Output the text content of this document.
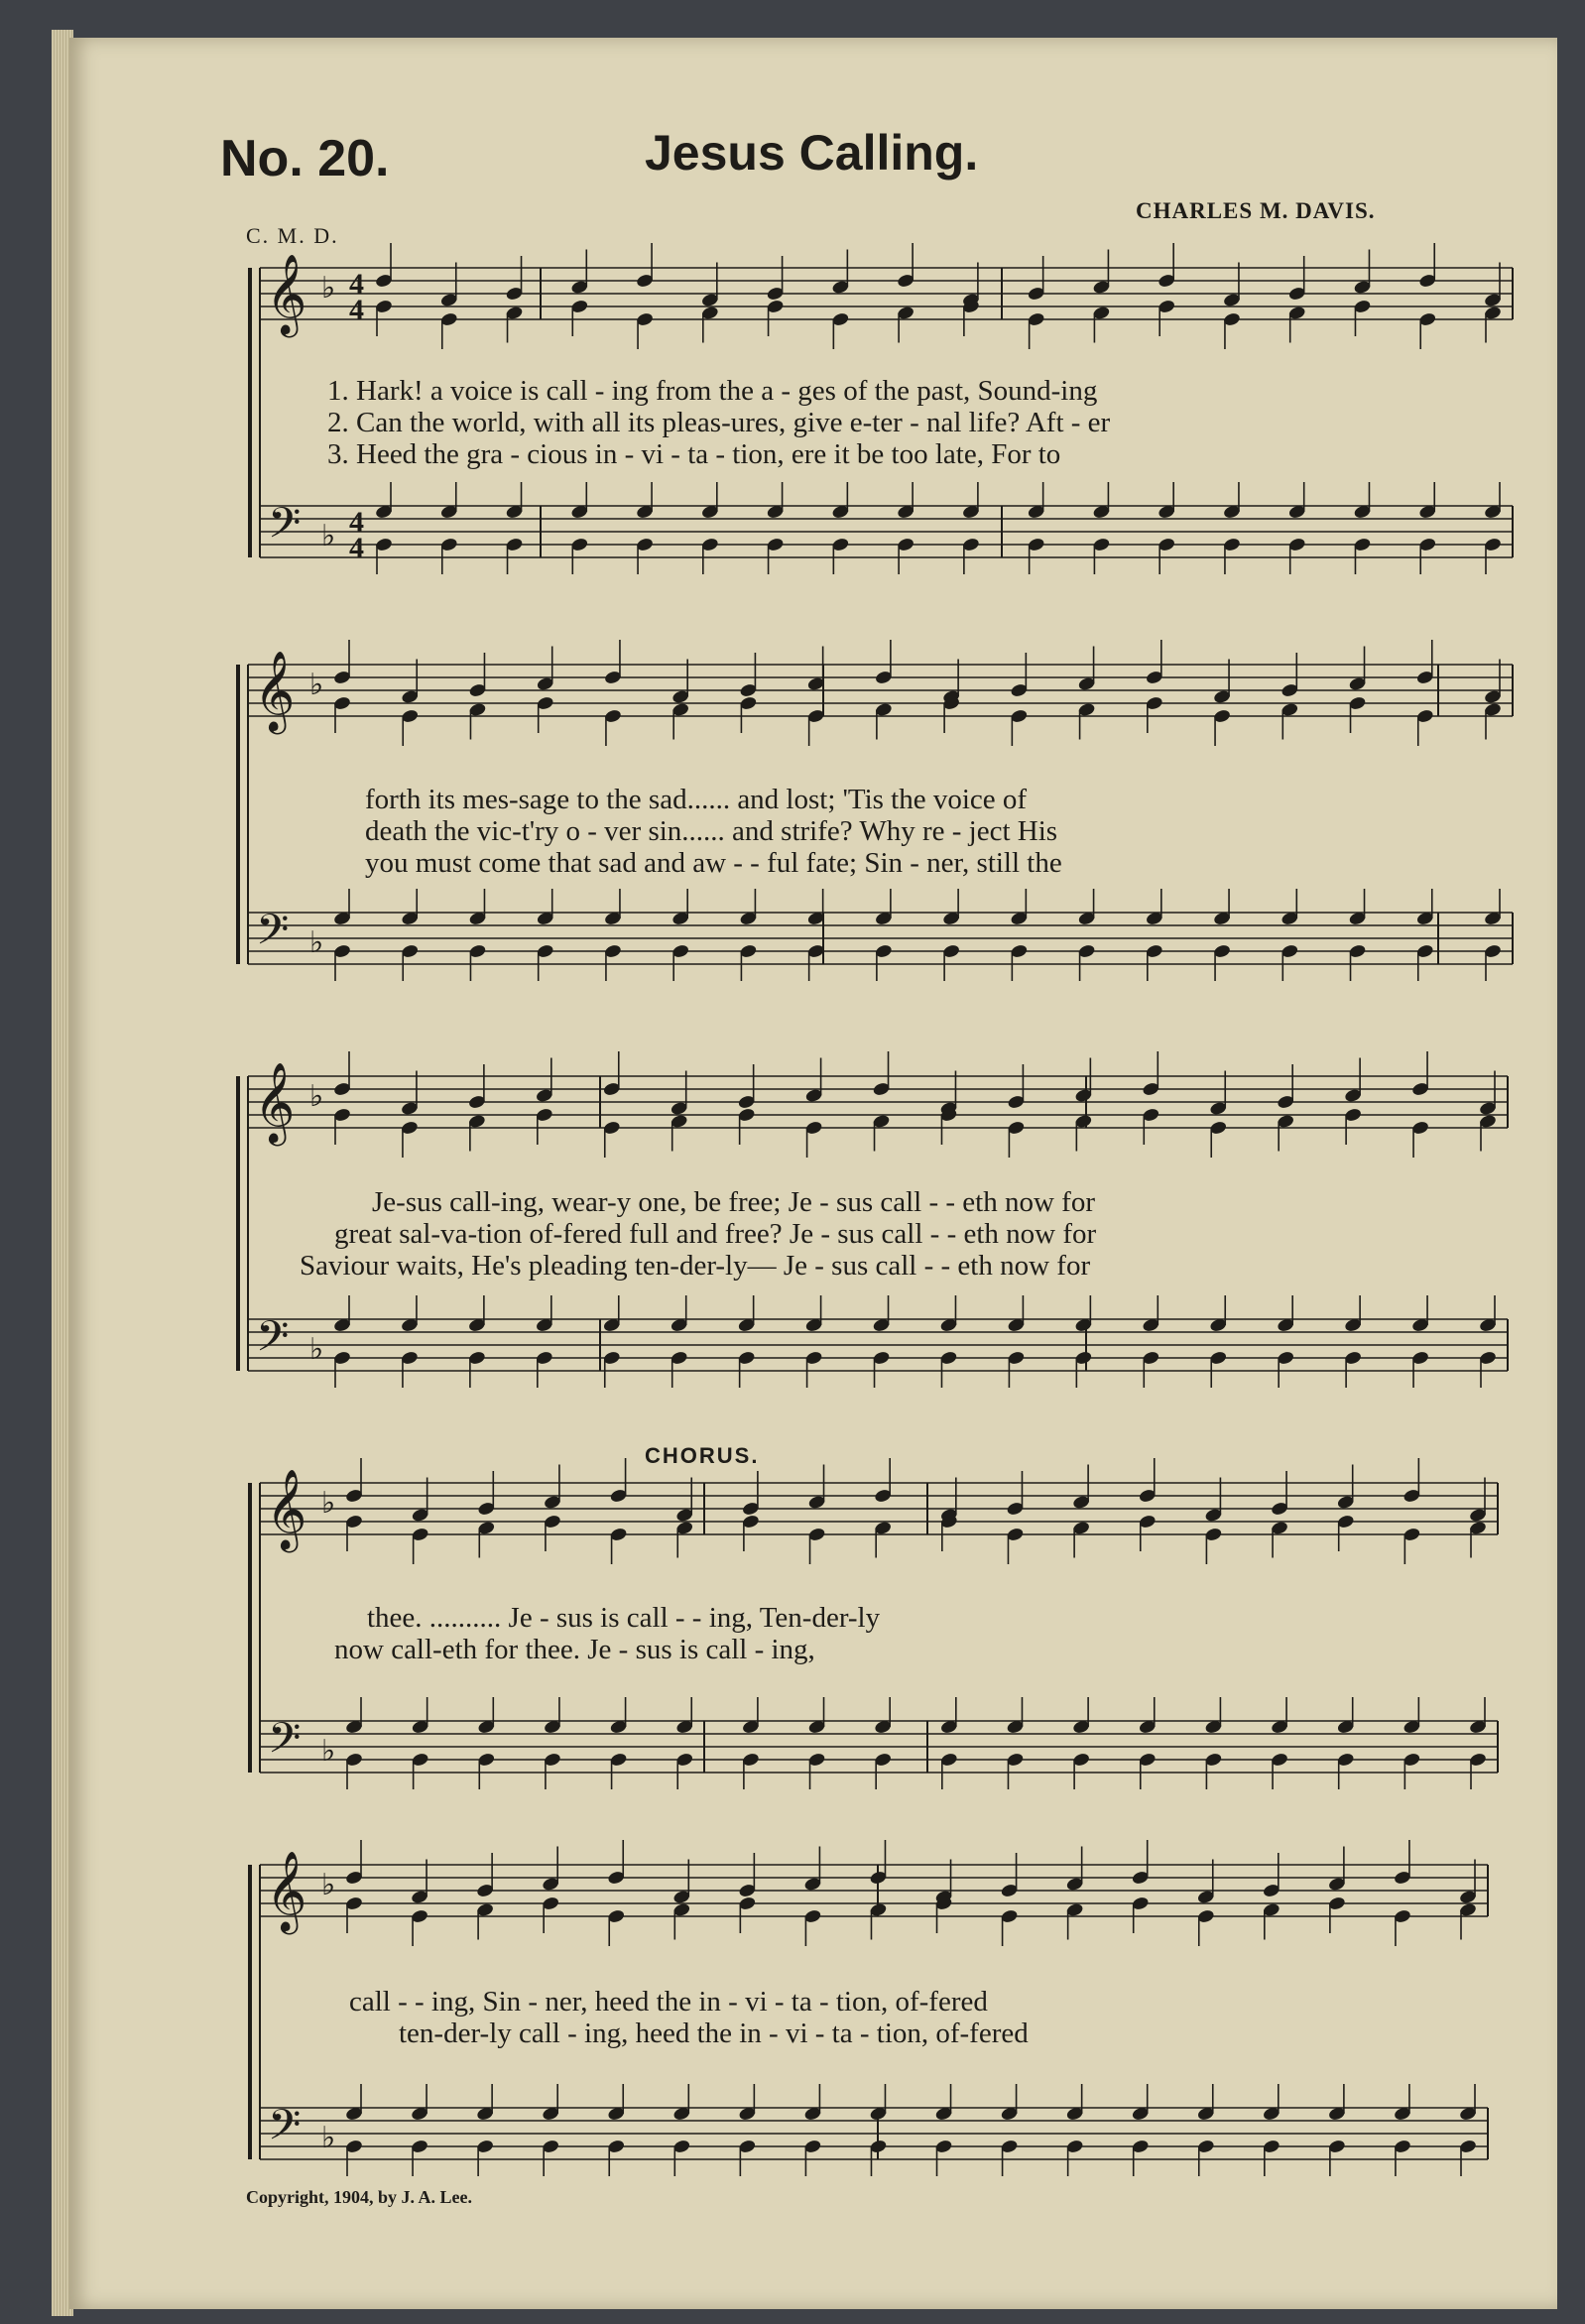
No. 20.	Jesus Calling.
CHARLES M. DAVIS.
C. M. D.
CHORUS.
Copyright, 1904, by J. A. Lee.
𝄞
𝄢
♭
♭
𝄞
𝄢
♭
♭
𝄞
𝄢
♭
♭
𝄞
𝄢
♭
♭
𝄞
𝄢
♭
♭
4
4
4
4
1. Hark! a voice is call - ing from the a - ges of the past, Sound-ing
2. Can the world, with all its pleas-ures, give e-ter - nal life? Aft - er
3. Heed the gra - cious in - vi - ta - tion, ere it be too late, For to
forth its mes-sage to the sad...... and lost; 'Tis the voice of
death the vic-t'ry o - ver sin...... and strife? Why re - ject His
you must come that sad and aw - - ful fate; Sin - ner, still the
Je-sus call-ing, wear-y one, be free; Je - sus call - - eth now for
great sal-va-tion of-fered full and free? Je - sus call - - eth now for
Saviour waits, He's pleading ten-der-ly— Je - sus call - - eth now for
thee. .......... Je - sus is call - - ing, Ten-der-ly
now call-eth for thee. Je - sus is call - ing,
call - - ing, Sin - ner, heed the in - vi - ta - tion, of-fered
ten-der-ly call - ing, heed the in - vi - ta - tion, of-fered
